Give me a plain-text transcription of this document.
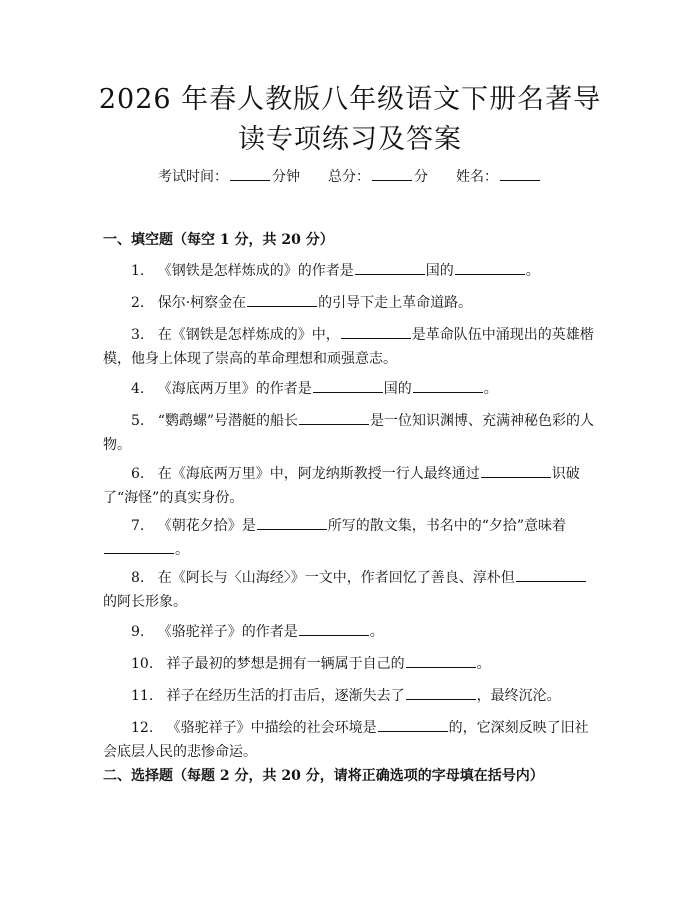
2026 年春人教版八年级语文下册名著导读专项练习及答案
考试时间：	分钟 总分：	分 姓名：
一、填空题（每空 1 分，共 20 分）
1. 《钢铁是怎样炼成的》的作者是	国的	。
2. 保尔·柯察金在	的引导下走上革命道路。
3. 在《钢铁是怎样炼成的》中，	是革命队伍中涌现出的英雄楷模，他身上体现了崇高的革命理想和顽强意志。
4. 《海底两万里》的作者是	国的	。
5. “鹦鹉螺”号潜艇的船长	是一位知识渊博、充满神秘色彩的人物。
6. 在《海底两万里》中，阿龙纳斯教授一行人最终通过	识破了“海怪”的真实身份。
7. 《朝花夕拾》是	所写的散文集，书名中的“夕拾”意味着。
8. 在《阿长与〈山海经〉》一文中，作者回忆了善良、淳朴但的阿长形象。
9. 《骆驼祥子》的作者是	。
10. 祥子最初的梦想是拥有一辆属于自己的	。
11. 祥子在经历生活的打击后，逐渐失去了	，最终沉沦。
12. 《骆驼祥子》中描绘的社会环境是	的，它深刻反映了旧社会底层人民的悲惨命运。
二、选择题（每题 2 分，共 20 分，请将正确选项的字母填在括号内）
